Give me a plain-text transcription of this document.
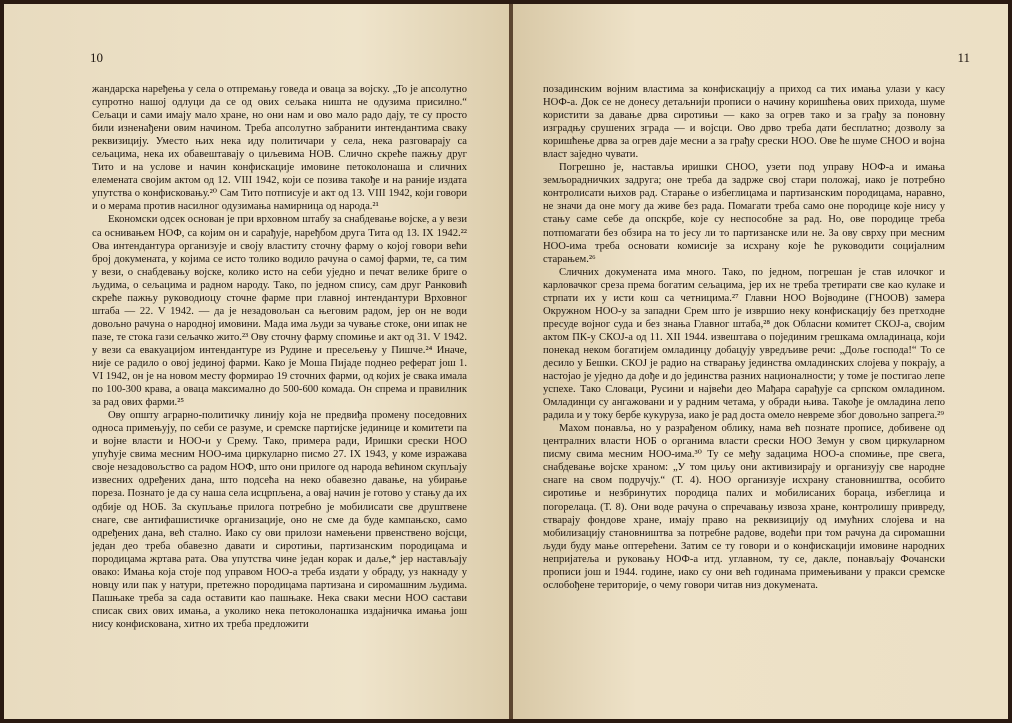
10

жандарска наређења у села о отпремању говеда и оваца за војску. „То је апсолутно супротно нашој одлуци да се од ових сељака ништа не одузима присилно.“ Сељаци и сами имају мало хране, но они нам и ово мало радо дају, те су просто били изненађени овим начином. Треба апсолутно забранити интендантима сваку реквизицију. Уместо њих нека иду политичари у села, нека разговарају са сељацима, нека их обавештавају о циљевима НОВ. Слично скреће пажњу друг Тито и на услове и начин конфискације имовине петоколонаша и сличних елемената својим актом од 12. VIII 1942, који се позива такође и на раније издата упутства о конфисковању.²⁰ Сам Тито потписује и акт од 13. VIII 1942, који говори и о мерама против насилног одузимања намирница од народа.²¹

Економски одсек основан је при врховном штабу за снабдевање војске, а у вези са оснивањем НОФ, са којим он и сарађује, наређбом друга Тита од 13. IX 1942.²² Ова интендантура организује и своју властиту сточну фарму о којој говори већи број докумената, у којима се исто толико водило рачуна о самој фарми, те, са тим у вези, о снабдевању војске, колико исто на себи уједно и печат велике бриге о људима, о сељацима и радном народу. Тако, по једном спису, сам друг Ранковић скреће пажњу руководиоцу сточне фарме при главној интендантури Врховног штаба — 22. V 1942. — да је незадовољан са његовим радом, јер он не води довољно рачуна о народној имовини. Мада има људи за чување стоке, они ипак не пазе, те стока гази сељачко жито.²³ Ову сточну фарму спомиње и акт од 31. V 1942. у вези са евакуацијом интендантуре из Рудине и пресељењу у Пишче.²⁴ Иначе, није се радило о овој јединој фарми. Како је Моша Пијаде поднео реферат још 1. VI 1942, он је на новом месту формирао 19 сточних фарми, од којих је свака имала по 100-300 крава, а оваца максимално до 500-600 комада. Он спрема и правилник за рад ових фарми.²⁵

Ову општу аграрно-политичку линију која не предвиђа промену поседовних односа примењују, по себи се разуме, и сремске партијске јединице и комитети па и војне власти и НОО-и у Срему. Тако, примера ради, Иришки срески НОО упућује свима месним НОО-има циркуларно писмо 27. IX 1943, у коме изражава своје незадовољство са радом НОФ, што они прилоге од народа већином скупљају извесних одређених дана, што подсећа на неко обавезно давање, на убирање пореза. Познато је да су наша села исцрпљена, а овај начин је готово у стању да их одбије од НОБ. За скупљање прилога потребно је мобилисати све друштвене снаге, све антифашистичке организације, оно не сме да буде кампањско, само одређених дана, већ стално. Иако су ови прилози намењени првенствено војсци, један део треба обавезно давати и сиротињи, партизанским породицама и породицама жртава рата. Ова упутства чине један корак и даље,* јер настављају овако: Имања која стоје под управом НОО-а треба издати у обраду, уз накнаду у новцу или пак у натури, претежно породицама партизана и сиромашним људима. Пашњаке треба за сада оставити као пашњаке. Нека сваки месни НОО састави списак свих ових имања, а уколико нека петоколонашка издајничка имања још нису конфискована, хитно их треба предложити

11

позадинским војним властима за конфискацију а приход са тих имања улази у касу НОФ-а. Док се не донесу детаљнији прописи о начину коришћења ових прихода, шуме користити за давање дрва сиротињи — како за огрев тако и за грађу за поновну изградњу срушених зграда — и војсци. Ово дрво треба дати бесплатно; дозволу за коришћење дрва за огрев даје месни а за грађу срески НОО. Ове ће шуме СНОО и војна власт заједно чувати.

Погрешно је, наставља иришки СНОО, узети под управу НОФ-а и имања земљорадничких задруга; оне треба да задрже свој стари положај, иако је потребно контролисати њихов рад. Старање о избеглицама и партизанским породицама, наравно, не значи да оне могу да живе без рада. Помагати треба само оне породице које нису у стању саме себе да опскрбе, које су неспособне за рад. Но, ове породице треба потпомагати без обзира на то јесу ли то партизанске или не. За ову сврху при месним НОО-има треба основати комисије за исхрану које ће руководити социјалним старањем.²⁶

Сличних докумената има много. Тако, по једном, погрешан је став илочког и карловачког среза према богатим сељацима, јер их не треба третирати све као кулаке и стрпати их у исти кош са четницима.²⁷ Главни НОО Војводине (ГНООВ) замера Окружном НОО-у за западни Срем што је извршио неку конфискацију без претходне пресуде војног суда и без знања Главног штаба,²⁸ док Обласни комитет СКОЈ-а, својим актом ПК-у СКОЈ-а од 11. XII 1944. извештава о појединим грешкама омладинаца, који понекад неком богатијем омладинцу добацују увредљиве речи: „Доље господа!“ То се десило у Бешки. СКОЈ је радио на стварању јединства омладинских слојева у покрају, а настојао је уједно да дође и до јединства разних националности; у томе је постигао лепе успехе. Тако Словаци, Русини и највећи део Мађара сарађује са српском омладином. Омладинци су ангажовани и у радним четама, у обради њива. Такође је омладина лепо радила и у току бербе кукуруза, иако је рад доста омело невреме због довољно запрега.²⁹

Махом понавља, но у разрађеном облику, нама већ познате прописе, добивене од централних власти НОБ о органима власти срески НОО Земун у свом циркуларном писму свима месним НОО-има.³⁰ Ту се међу задацима НОО-а спомиње, пре свега, снабдевање војске храном: „У том циљу они активизирају и организују све народне снаге на свом подручју.“ (Т. 4). НОО организује исхрану становништва, особито сиротиње и незбринутих породица палих и мобилисаних бораца, избеглица и погорелаца. (Т. 8). Они воде рачуна о спречавању извоза хране, контролишу привреду, стварају фондове хране, имају право на реквизицију од имућних слојева и на мобилизацију становништва за потребне радове, водећи при том рачуна да сиромашни људи буду мање оптерећени. Затим се ту говори и о конфискацији имовине народних непријатеља и руковању НОФ-а итд. углавном, ту се, дакле, понављају Фочански прописи још и 1944. године, иако су они већ годинама примењивани у пракси сремске ослобођене територије, о чему говори читав низ докумената.
